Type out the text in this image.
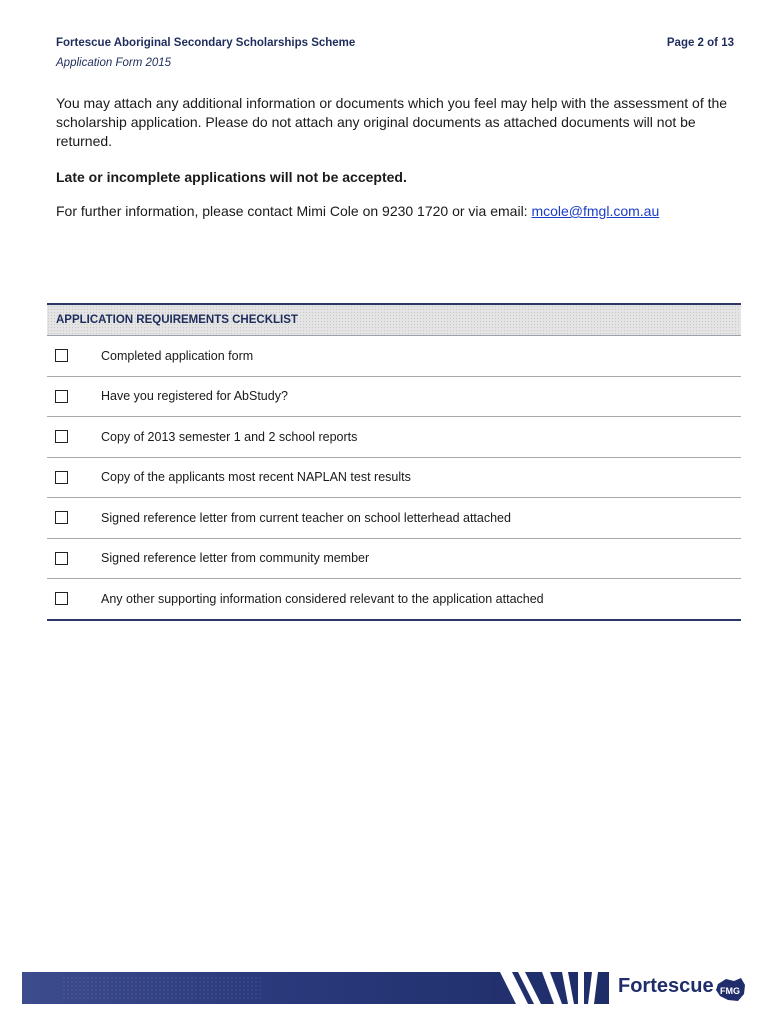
Fortescue Aboriginal Secondary Scholarships Scheme	Page 2 of 13
Application Form 2015
You may attach any additional information or documents which you feel may help with the assessment of the scholarship application. Please do not attach any original documents as attached documents will not be returned.
Late or incomplete applications will not be accepted.
For further information, please contact Mimi Cole on 9230 1720 or via email: mcole@fmgl.com.au
APPLICATION REQUIREMENTS CHECKLIST
Completed application form
Have you registered for AbStudy?
Copy of 2013 semester 1 and 2 school reports
Copy of the applicants most recent NAPLAN test results
Signed reference letter from current teacher on school letterhead attached
Signed reference letter from community member
Any other supporting information considered relevant to the application attached
Fortescue FMG
